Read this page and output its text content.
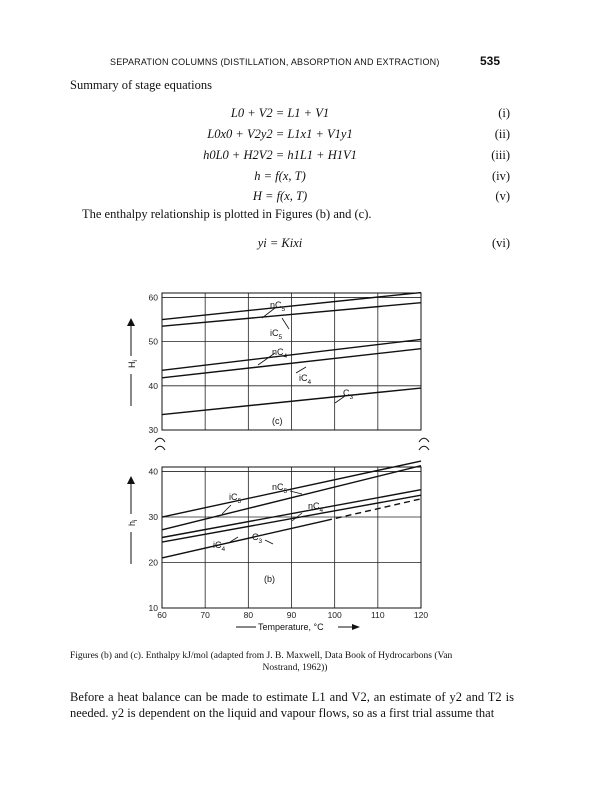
SEPARATION COLUMNS (DISTILLATION, ABSORPTION AND EXTRACTION)	535
Summary of stage equations
L0 + V2 = L1 + V1	(i)
L0x0 + V2y2 = L1x1 + V1y1	(ii)
h0L0 + H2V2 = h1L1 + H1V1	(iii)
h = f(x, T)	(iv)
H = f(x, T)	(v)
The enthalpy relationship is plotted in Figures (b) and (c).
yi = Kixi	(vi)
30
40
50
60
10
20
30
40
$nC_5$
$iC_5$
$nC_4$
$iC_4$
$C_3$
$nC_5$
$iC_5$	$nC_4$
$iC_4$
$C_3$
(c)
(b)
$H_i$
$h_i$
60	70	80	90	100	110	120
Temperature, °C
Figures (b) and (c). Enthalpy kJ/mol (adapted from J. B. Maxwell, Data Book of Hydrocarbons (Van
Nostrand, 1962))
Before a heat balance can be made to estimate L1 and V2, an estimate of y2 and T2 is needed. y2 is dependent on the liquid and vapour flows, so as a first trial assume that
